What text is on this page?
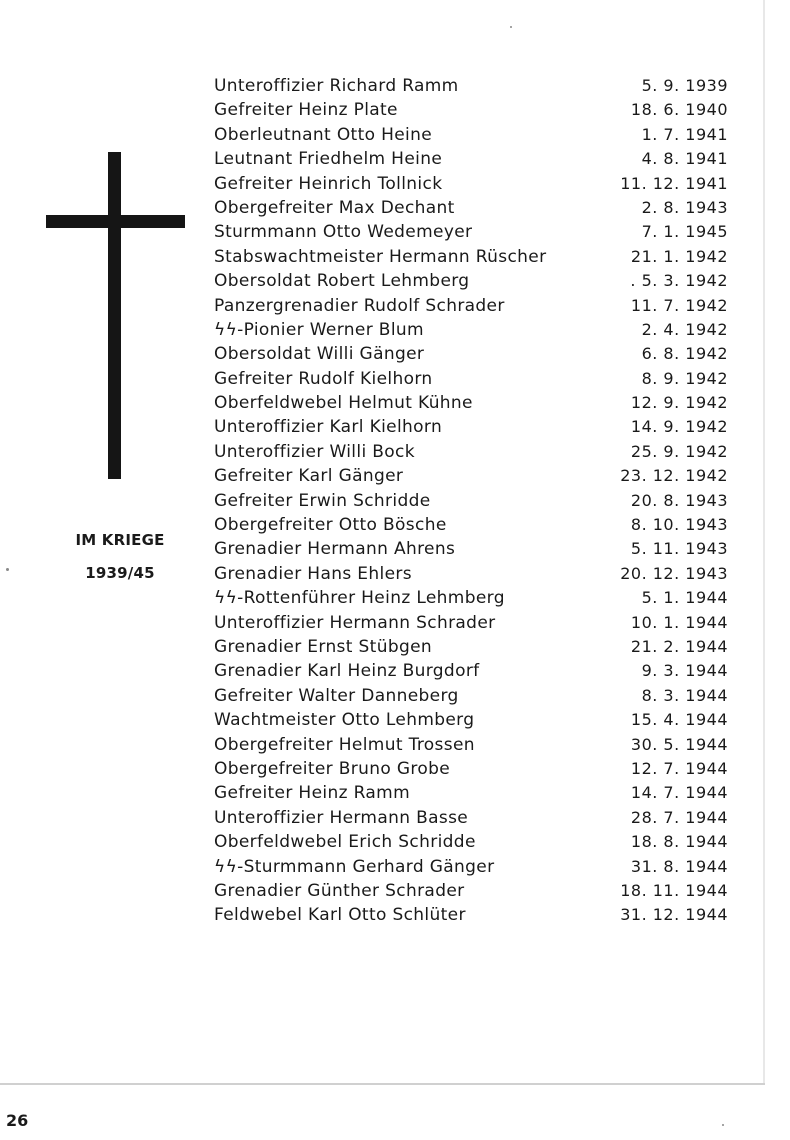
IM KRIEGE
1939/45
Unteroffizier Richard Ramm	5. 9. 1939
Gefreiter Heinz Plate	18. 6. 1940
Oberleutnant Otto Heine	1. 7. 1941
Leutnant Friedhelm Heine	4. 8. 1941
Gefreiter Heinrich Tollnick	11. 12. 1941
Obergefreiter Max Dechant	2. 8. 1943
Sturmmann Otto Wedemeyer	7. 1. 1945
Stabswachtmeister Hermann Rüscher	21. 1. 1942
Obersoldat Robert Lehmberg	. 5. 3. 1942
Panzergrenadier Rudolf Schrader	11. 7. 1942
ϟϟ-Pionier Werner Blum	2. 4. 1942
Obersoldat Willi Gänger	6. 8. 1942
Gefreiter Rudolf Kielhorn	8. 9. 1942
Oberfeldwebel Helmut Kühne	12. 9. 1942
Unteroffizier Karl Kielhorn	14. 9. 1942
Unteroffizier Willi Bock	25. 9. 1942
Gefreiter Karl Gänger	23. 12. 1942
Gefreiter Erwin Schridde	20. 8. 1943
Obergefreiter Otto Bösche	8. 10. 1943
Grenadier Hermann Ahrens	5. 11. 1943
Grenadier Hans Ehlers	20. 12. 1943
ϟϟ-Rottenführer Heinz Lehmberg	5. 1. 1944
Unteroffizier Hermann Schrader	10. 1. 1944
Grenadier Ernst Stübgen	21. 2. 1944
Grenadier Karl Heinz Burgdorf	9. 3. 1944
Gefreiter Walter Danneberg	8. 3. 1944
Wachtmeister Otto Lehmberg	15. 4. 1944
Obergefreiter Helmut Trossen	30. 5. 1944
Obergefreiter Bruno Grobe	12. 7. 1944
Gefreiter Heinz Ramm	14. 7. 1944
Unteroffizier Hermann Basse	28. 7. 1944
Oberfeldwebel Erich Schridde	18. 8. 1944
ϟϟ-Sturmmann Gerhard Gänger	31. 8. 1944
Grenadier Günther Schrader	18. 11. 1944
Feldwebel Karl Otto Schlüter	31. 12. 1944
26
